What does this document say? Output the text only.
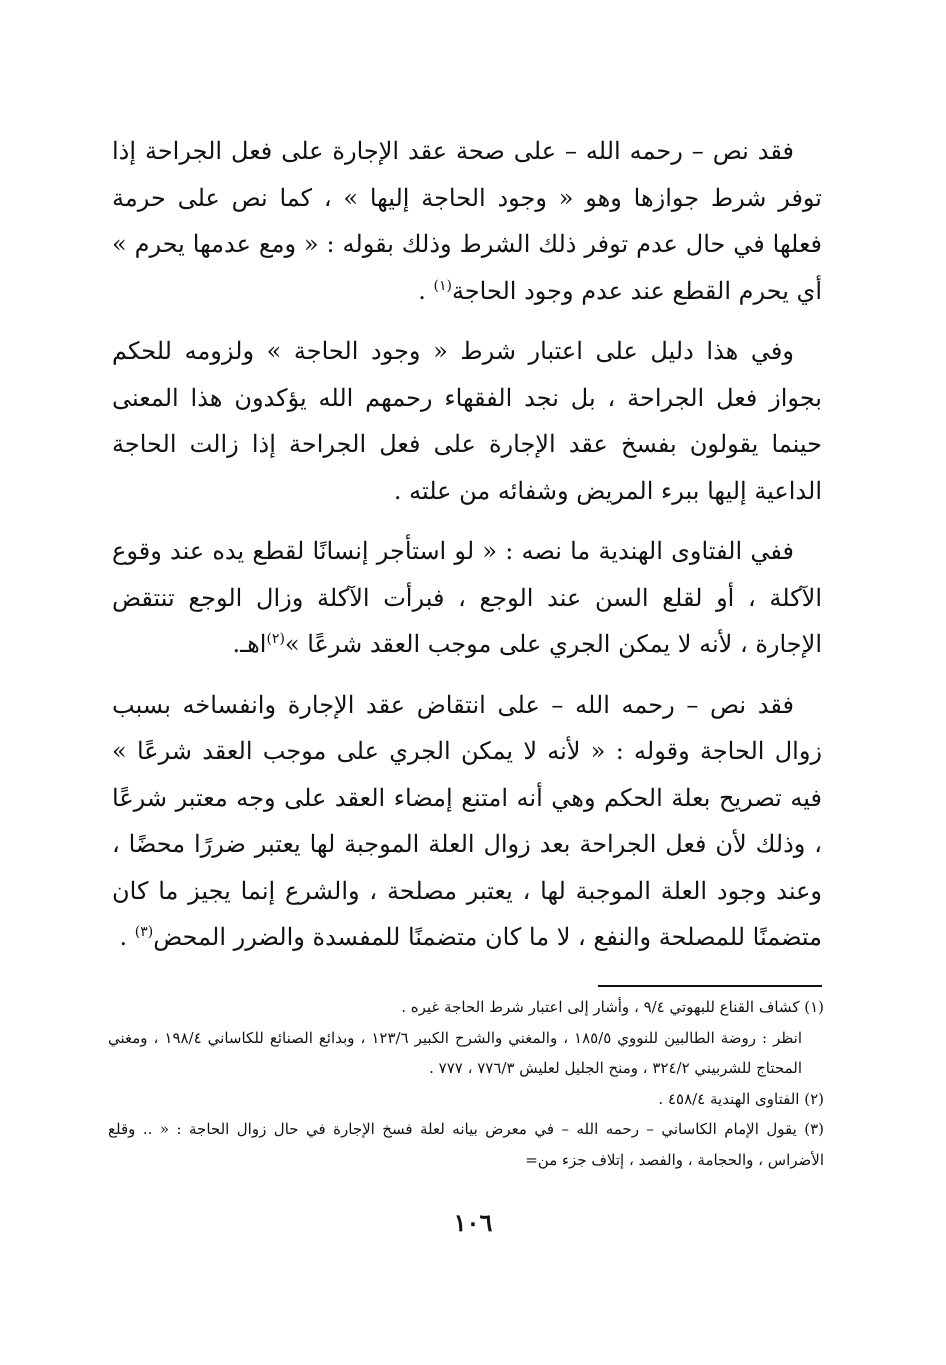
فقد نص – رحمه الله – على صحة عقد الإجارة على فعل الجراحة إذا توفر شرط جوازها وهو « وجود الحاجة إليها » ، كما نص على حرمة فعلها في حال عدم توفر ذلك الشرط وذلك بقوله : « ومع عدمها يحرم » أي يحرم القطع عند عدم وجود الحاجة$^{(١)}$ .

وفي هذا دليل على اعتبار شرط « وجود الحاجة » ولزومه للحكم بجواز فعل الجراحة ، بل نجد الفقهاء رحمهم الله يؤكدون هذا المعنى حينما يقولون بفسخ عقد الإجارة على فعل الجراحة إذا زالت الحاجة الداعية إليها ببرء المريض وشفائه من علته .

ففي الفتاوى الهندية ما نصه : « لو استأجر إنسانًا لقطع يده عند وقوع الآكلة ، أو لقلع السن عند الوجع ، فبرأت الآكلة وزال الوجع تنتقض الإجارة ، لأنه لا يمكن الجري على موجب العقد شرعًا »$^{(٢)}$اهـ.

فقد نص – رحمه الله – على انتقاض عقد الإجارة وانفساخه بسبب زوال الحاجة وقوله : « لأنه لا يمكن الجري على موجب العقد شرعًا » فيه تصريح بعلة الحكم وهي أنه امتنع إمضاء العقد على وجه معتبر شرعًا ، وذلك لأن فعل الجراحة بعد زوال العلة الموجبة لها يعتبر ضررًا محضًا ، وعند وجود العلة الموجبة لها ، يعتبر مصلحة ، والشرع إنما يجيز ما كان متضمنًا للمصلحة والنفع ، لا ما كان متضمنًا للمفسدة والضرر المحض$^{(٣)}$ .

(١) كشاف القناع للبهوتي ٩/٤ ، وأشار إلى اعتبار شرط الحاجة غيره .

انظر : روضة الطالبين للنووي ١٨٥/٥ ، والمغني والشرح الكبير ١٢٣/٦ ، وبدائع الصنائع للكاساني ١٩٨/٤ ، ومغني المحتاج للشربيني ٣٢٤/٢ ، ومنح الجليل لعليش ٧٧٦/٣ ، ٧٧٧ .

(٢) الفتاوى الهندية ٤٥٨/٤ .

(٣) يقول الإمام الكاساني – رحمه الله – في معرض بيانه لعلة فسخ الإجارة في حال زوال الحاجة : « .. وقلع الأضراس ، والحجامة ، والفصد ، إتلاف جزء من=

١٠٦
